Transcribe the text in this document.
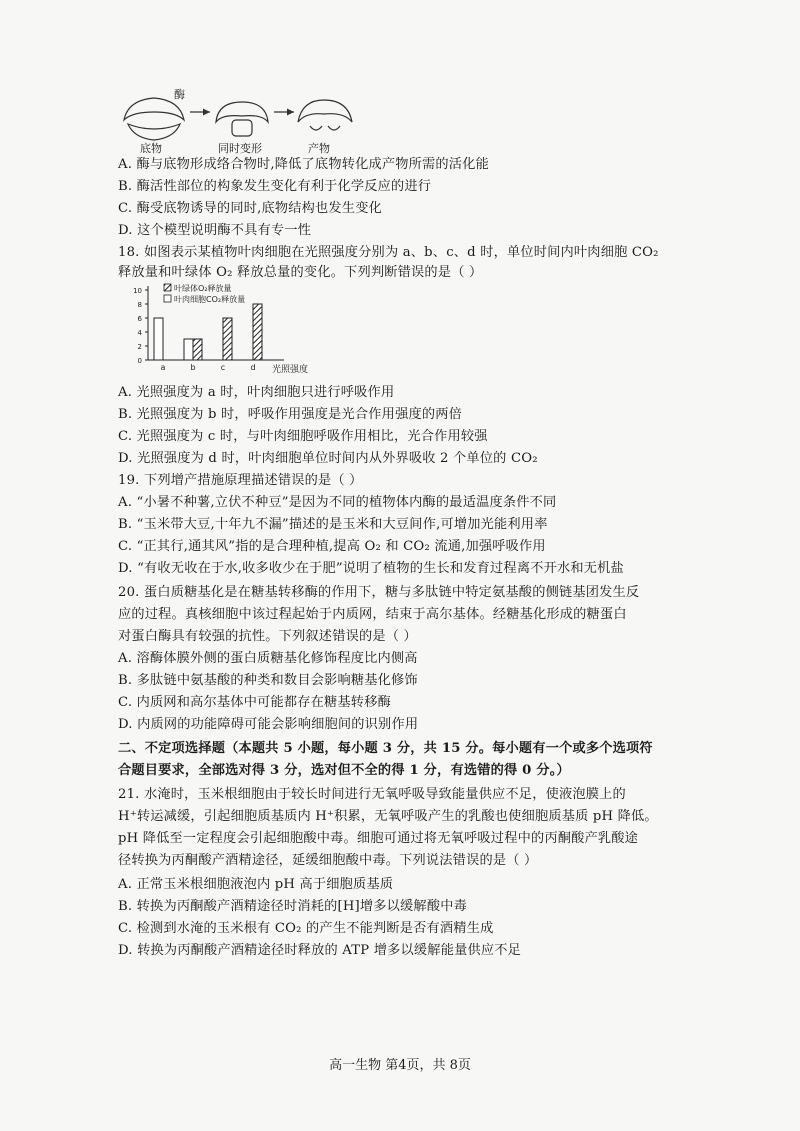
酶
底物	同时变形	产物
A. 酶与底物形成络合物时,降低了底物转化成产物所需的活化能
B. 酶活性部位的构象发生变化有利于化学反应的进行
C. 酶受底物诱导的同时,底物结构也发生变化
D. 这个模型说明酶不具有专一性
18. 如图表示某植物叶肉细胞在光照强度分别为 a、b、c、d 时，单位时间内叶肉细胞 CO₂
释放量和叶绿体 O₂ 释放总量的变化。下列判断错误的是（ ）
0
2
4
6
8
10
a	b	c	d 光照强度
叶绿体O₂释放量
叶肉细胞CO₂释放量
A. 光照强度为 a 时，叶肉细胞只进行呼吸作用
B. 光照强度为 b 时，呼吸作用强度是光合作用强度的两倍
C. 光照强度为 c 时，与叶肉细胞呼吸作用相比，光合作用较强
D. 光照强度为 d 时，叶肉细胞单位时间内从外界吸收 2 个单位的 CO₂
19. 下列增产措施原理描述错误的是（ ）
A. “小暑不种薯,立伏不种豆”是因为不同的植物体内酶的最适温度条件不同
B. “玉米带大豆,十年九不漏”描述的是玉米和大豆间作,可增加光能利用率
C. “正其行,通其风”指的是合理种植,提高 O₂ 和 CO₂ 流通,加强呼吸作用
D. “有收无收在于水,收多收少在于肥”说明了植物的生长和发育过程离不开水和无机盐
20. 蛋白质糖基化是在糖基转移酶的作用下，糖与多肽链中特定氨基酸的侧链基团发生反
应的过程。真核细胞中该过程起始于内质网，结束于高尔基体。经糖基化形成的糖蛋白
对蛋白酶具有较强的抗性。下列叙述错误的是（ ）
A. 溶酶体膜外侧的蛋白质糖基化修饰程度比内侧高
B. 多肽链中氨基酸的种类和数目会影响糖基化修饰
C. 内质网和高尔基体中可能都存在糖基转移酶
D. 内质网的功能障碍可能会影响细胞间的识别作用
二、不定项选择题（本题共 5 小题，每小题 3 分，共 15 分。每小题有一个或多个选项符
合题目要求，全部选对得 3 分，选对但不全的得 1 分，有选错的得 0 分。）
21. 水淹时，玉米根细胞由于较长时间进行无氧呼吸导致能量供应不足，使液泡膜上的
H⁺转运减缓，引起细胞质基质内 H⁺积累，无氧呼吸产生的乳酸也使细胞质基质 pH 降低。
pH 降低至一定程度会引起细胞酸中毒。细胞可通过将无氧呼吸过程中的丙酮酸产乳酸途
径转换为丙酮酸产酒精途径，延缓细胞酸中毒。下列说法错误的是（ ）
A. 正常玉米根细胞液泡内 pH 高于细胞质基质
B. 转换为丙酮酸产酒精途径时消耗的[H]增多以缓解酸中毒
C. 检测到水淹的玉米根有 CO₂ 的产生不能判断是否有酒精生成
D. 转换为丙酮酸产酒精途径时释放的 ATP 增多以缓解能量供应不足
高一生物 第4页，共 8页
